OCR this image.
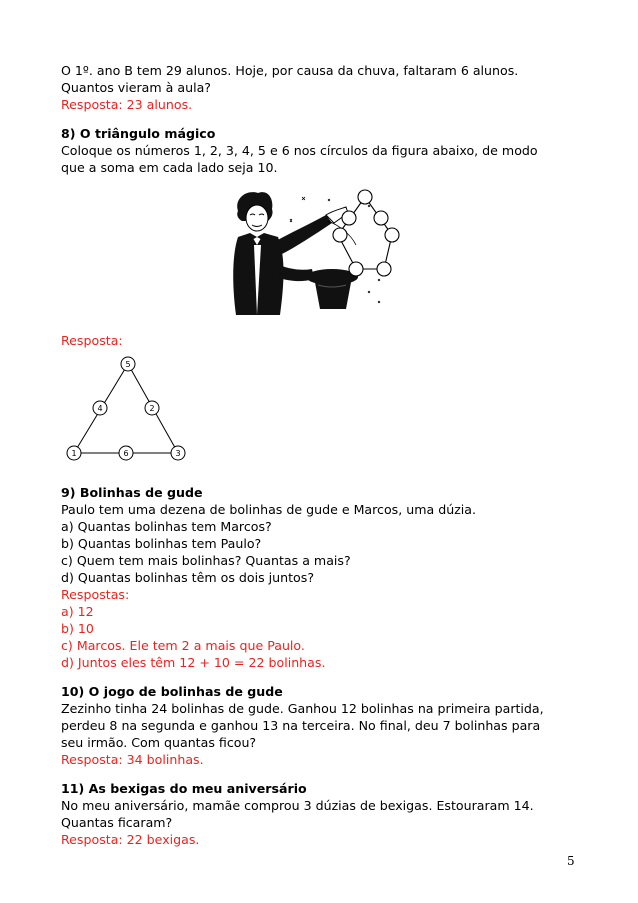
O 1º. ano B tem 29 alunos. Hoje, por causa da chuva, faltaram 6 alunos.
Quantos vieram à aula?
Resposta: 23 alunos.
8) O triângulo mágico
Coloque os números 1, 2, 3, 4, 5 e 6 nos círculos da figura abaixo, de modo
que a soma em cada lado seja 10.
Resposta:
5
4	2
1	6	3
9) Bolinhas de gude
Paulo tem uma dezena de bolinhas de gude e Marcos, uma dúzia.
a) Quantas bolinhas tem Marcos?
b) Quantas bolinhas tem Paulo?
c) Quem tem mais bolinhas? Quantas a mais?
d) Quantas bolinhas têm os dois juntos?
Respostas:
a) 12
b) 10
c) Marcos. Ele tem 2 a mais que Paulo.
d) Juntos eles têm 12 + 10 = 22 bolinhas.
10) O jogo de bolinhas de gude
Zezinho tinha 24 bolinhas de gude. Ganhou 12 bolinhas na primeira partida,
perdeu 8 na segunda e ganhou 13 na terceira. No final, deu 7 bolinhas para
seu irmão. Com quantas ficou?
Resposta: 34 bolinhas.
11) As bexigas do meu aniversário
No meu aniversário, mamãe comprou 3 dúzias de bexigas. Estouraram 14.
Quantas ficaram?
Resposta: 22 bexigas.
5
